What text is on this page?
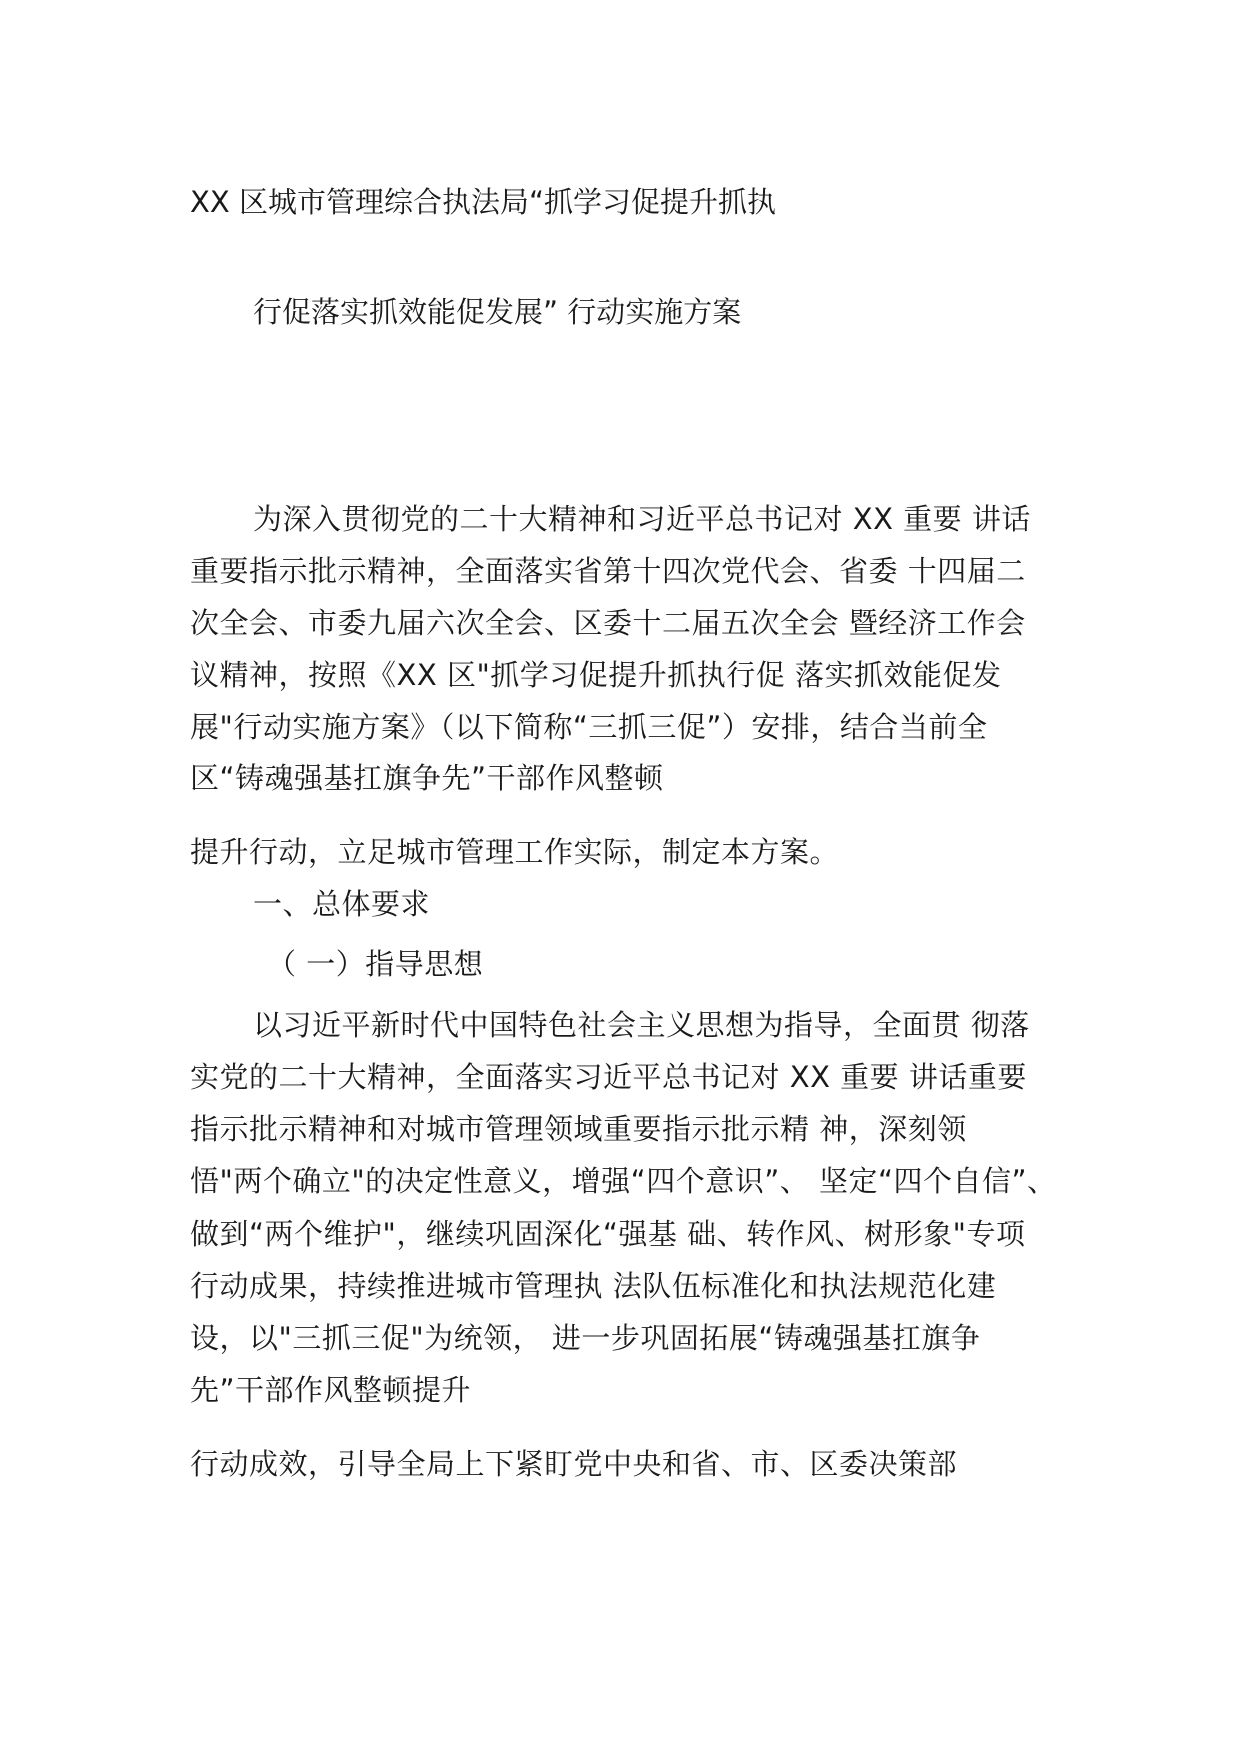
XX 区城市管理综合执法局“抓学习促提升抓执
行促落实抓效能促发展” 行动实施方案
为深入贯彻党的二十大精神和习近平总书记对 XX 重要 讲话
重要指示批示精神，全面落实省第十四次党代会、省委 十四届二
次全会、市委九届六次全会、区委十二届五次全会 暨经济工作会
议精神，按照《XX 区"抓学习促提升抓执行促 落实抓效能促发
展"行动实施方案》（以下简称“三抓三促”）安排，结合当前全
区“铸魂强基扛旗争先”干部作风整顿
提升行动，立足城市管理工作实际，制定本方案。
一、总体要求
（ 一）指导思想
以习近平新时代中国特色社会主义思想为指导，全面贯 彻落
实党的二十大精神，全面落实习近平总书记对 XX 重要 讲话重要
指示批示精神和对城市管理领域重要指示批示精 神，深刻领
悟"两个确立"的决定性意义，增强“四个意识”、 坚定“四个自信”、
做到“两个维护"，继续巩固深化“强基 础、转作风、树形象"专项
行动成果，持续推进城市管理执 法队伍标准化和执法规范化建
设，以"三抓三促"为统领， 进一步巩固拓展“铸魂强基扛旗争
先”干部作风整顿提升
行动成效，引导全局上下紧盯党中央和省、市、区委决策部
